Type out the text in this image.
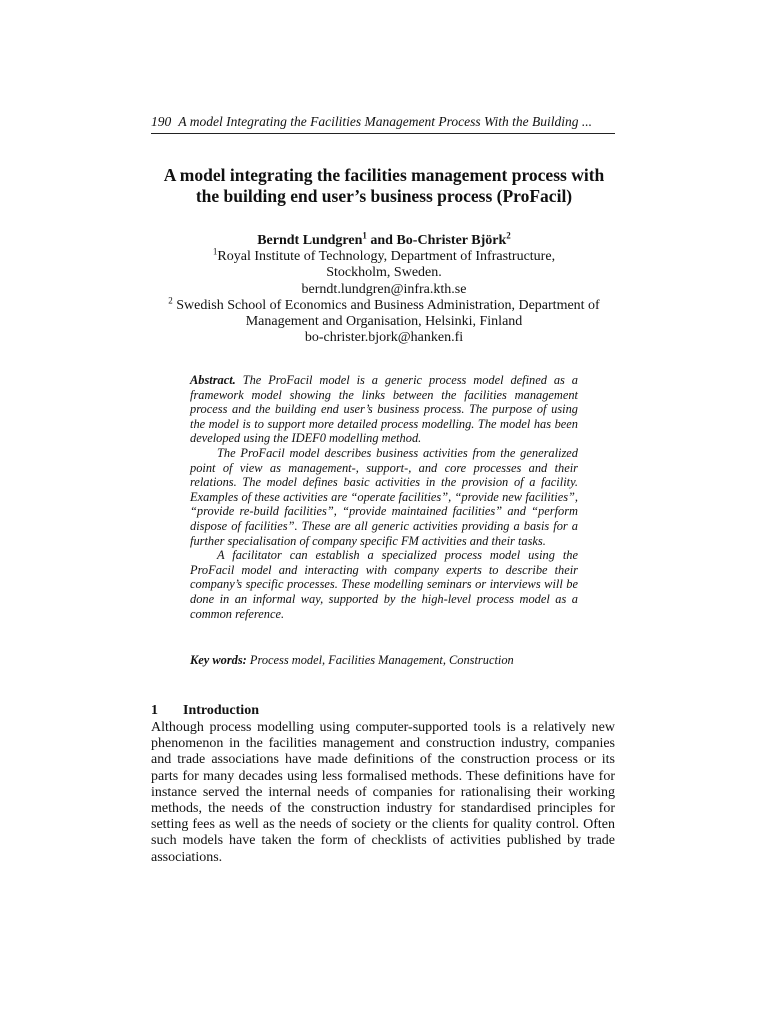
190 A model Integrating the Facilities Management Process With the Building ...
A model integrating the facilities management process with
the building end user’s business process (ProFacil)
Berndt Lundgren$^1$ and Bo-Christer Björk$^2$
$^1$Royal Institute of Technology, Department of Infrastructure,
Stockholm, Sweden.
berndt.lundgren@infra.kth.se
$^2$ Swedish School of Economics and Business Administration, Department of
Management and Organisation, Helsinki, Finland
bo-christer.bjork@hanken.fi

Abstract. The ProFacil model is a generic process model defined as a framework model showing the links between the facilities management process and the building end user’s business process. The purpose of using the model is to support more detailed process modelling. The model has been developed using the IDEF0 modelling method.

The ProFacil model describes business activities from the generalized point of view as management-, support-, and core processes and their relations. The model defines basic activities in the provision of a facility. Examples of these activities are “operate facilities”, “provide new facilities”, “provide re-build facilities”, “provide maintained facilities” and “perform dispose of facilities”. These are all generic activities providing a basis for a further specialisation of company specific FM activities and their tasks.

A facilitator can establish a specialized process model using the ProFacil model and interacting with company experts to describe their company’s specific processes. These modelling seminars or interviews will be done in an informal way, supported by the high-level process model as a common reference.

Key words: Process model, Facilities Management, Construction
1 Introduction

Although process modelling using computer-supported tools is a relatively new phenomenon in the facilities management and construction industry, companies and trade associations have made definitions of the construction process or its parts for many decades using less formalised methods. These definitions have for instance served the internal needs of companies for rationalising their working methods, the needs of the construction industry for standardised principles for setting fees as well as the needs of society or the clients for quality control. Often such models have taken the form of checklists of activities published by trade associations.
